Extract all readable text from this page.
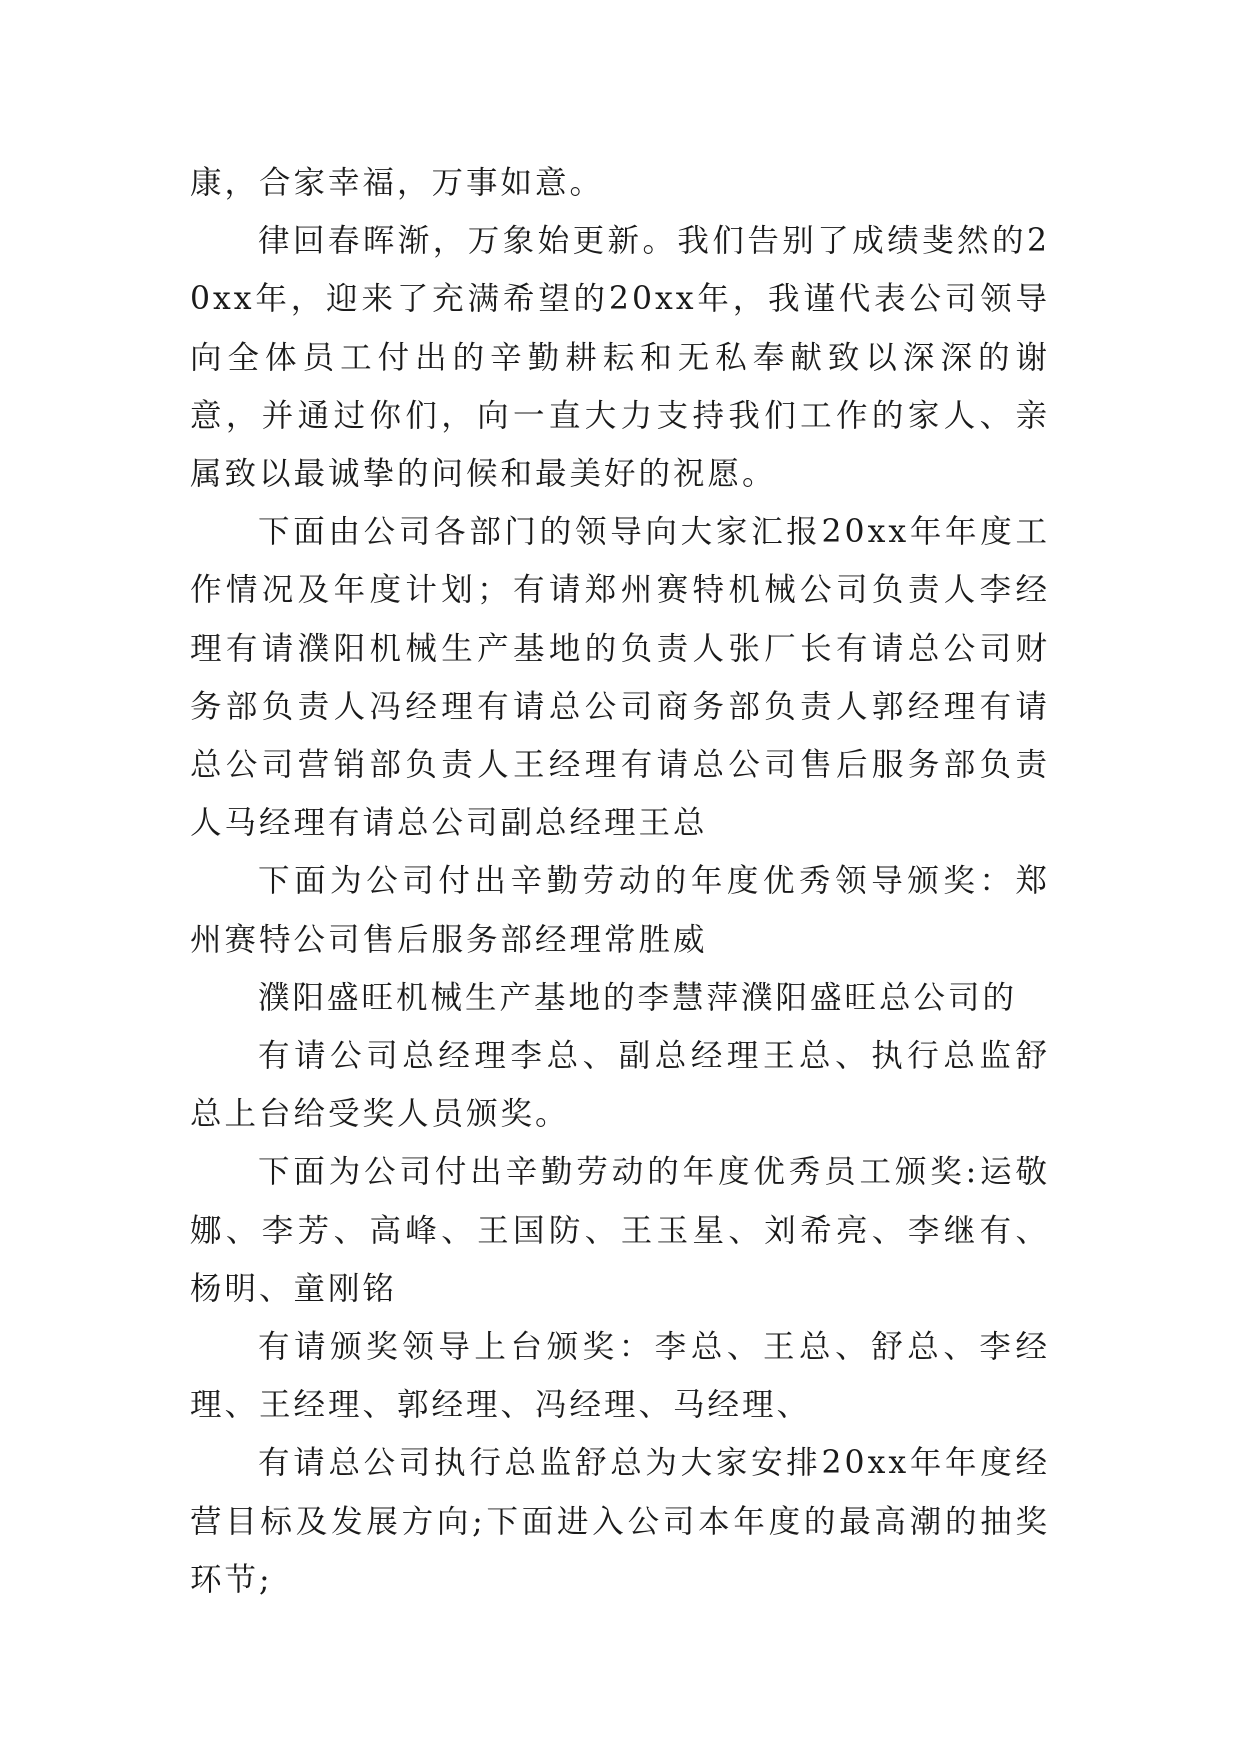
康，合家幸福，万事如意。

律回春晖渐，万象始更新。我们告别了成绩斐然的20xx年，迎来了充满希望的20xx年，我谨代表公司领导向全体员工付出的辛勤耕耘和无私奉献致以深深的谢意，并通过你们，向一直大力支持我们工作的家人、亲属致以最诚挚的问候和最美好的祝愿。

下面由公司各部门的领导向大家汇报20xx年年度工作情况及年度计划；有请郑州赛特机械公司负责人李经理有请濮阳机械生产基地的负责人张厂长有请总公司财务部负责人冯经理有请总公司商务部负责人郭经理有请总公司营销部负责人王经理有请总公司售后服务部负责人马经理有请总公司副总经理王总

下面为公司付出辛勤劳动的年度优秀领导颁奖：郑州赛特公司售后服务部经理常胜威

濮阳盛旺机械生产基地的李慧萍濮阳盛旺总公司的

有请公司总经理李总、副总经理王总、执行总监舒总上台给受奖人员颁奖。

下面为公司付出辛勤劳动的年度优秀员工颁奖:运敬娜、李芳、高峰、王国防、王玉星、刘希亮、李继有、杨明、童刚铭

有请颁奖领导上台颁奖：李总、王总、舒总、李经理、王经理、郭经理、冯经理、马经理、

有请总公司执行总监舒总为大家安排20xx年年度经营目标及发展方向;下面进入公司本年度的最高潮的抽奖环节;
